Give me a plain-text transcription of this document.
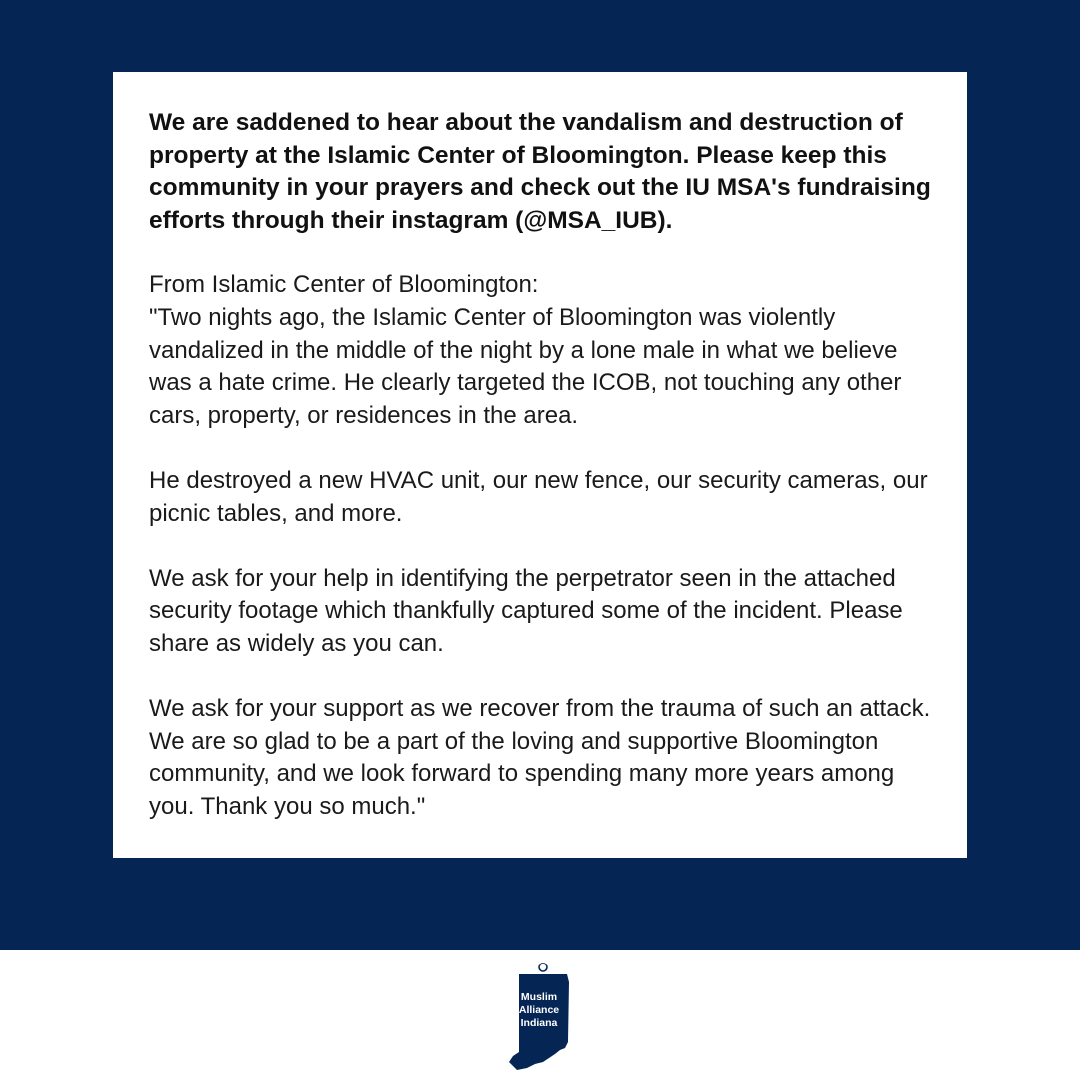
We are saddened to hear about the vandalism and destruction of property at the Islamic Center of Bloomington. Please keep this community in your prayers and check out the IU MSA's fundraising efforts through their instagram (@MSA_IUB).

From Islamic Center of Bloomington:

"Two nights ago, the Islamic Center of Bloomington was violently vandalized in the middle of the night by a lone male in what we believe was a hate crime. He clearly targeted the ICOB, not touching any other cars, property, or residences in the area.

He destroyed a new HVAC unit, our new fence, our security cameras, our picnic tables, and more.

We ask for your help in identifying the perpetrator seen in the attached security footage which thankfully captured some of the incident. Please share as widely as you can.

We ask for your support as we recover from the trauma of such an attack. We are so glad to be a part of the loving and supportive Bloomington community, and we look forward to spending many more years among you. Thank you so much."

Muslim
Alliance
Indiana
